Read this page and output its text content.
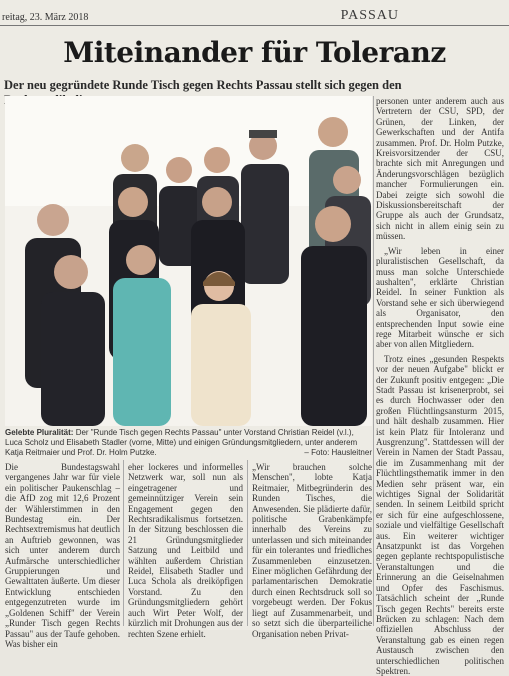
reitag, 23. März 2018	PASSAU
Miteinander für Toleranz
Der neu gegründete Runde Tisch gegen Rechts Passau stellt sich gegen den
Gelebte Pluralität: Der "Runde Tisch gegen Rechts Passau" unter Vorstand Christian Reidel (v.l.), Luca Scholz und Elisabeth Stadler (vorne, Mitte) und einigen Gründungsmitgliedern, unter anderem Katja Reitmaier und Prof. Dr. Holm Putzke.	– Foto: Hausleitner

personen unter anderem auch aus Vertretern der CSU, SPD, der Grünen, der Linken, der Gewerkschaften und der Antifa zusammen. Prof. Dr. Holm Putzke, Kreisvorsitzender der CSU, brachte sich mit Anregungen und Änderungsvorschlägen bezüglich mancher Formulierungen ein. Dabei zeigte sich sowohl die Diskussionsbereitschaft der Gruppe als auch der Grundsatz, sich nicht in allem einig sein zu müssen.

„Wir leben in einer pluralistischen Gesellschaft, da muss man solche Unterschiede aushalten", erklärte Christian Reidel. In seiner Funktion als Vorstand sehe er sich überwiegend als Organisator, den entsprechenden Input sowie eine rege Mitarbeit wünsche er sich aber von allen Mitgliedern.

Trotz eines „gesunden Respekts vor der neuen Aufgabe" blickt er der Zukunft positiv entgegen: „Die Stadt Passau ist krisenerprobt, sei es durch Hochwasser oder den großen Flüchtlingsansturm 2015, und hält deshalb zusammen. Hier ist kein Platz für Intoleranz und Ausgrenzung". Stattdessen will der Verein in Namen der Stadt Passau, die im Zusammenhang mit der Flüchtlingsthematik immer in den Medien sehr präsent war, ein wichtiges Signal der Solidarität senden. In seinem Leitbild spricht er sich für eine aufgeschlossene, soziale und vielfältige Gesellschaft aus. Ein weiterer wichtiger Ansatzpunkt ist das Vorgehen gegen geplante rechtspopulistische Veranstaltungen und die Erinnerung an die Geiselnahmen und Opfer des Faschismus. Tatsächlich scheint der „Runde Tisch gegen Rechts" bereits erste Brücken zu schlagen: Nach dem offiziellen Abschluss der Veranstaltung gab es einen regen Austausch zwischen den unterschiedlichen politischen Spektren.

Die Bundestagswahl vergangenes Jahr war für viele ein politischer Paukenschlag – die AfD zog mit 12,6 Prozent der Wählerstimmen in den Bundestag ein. Der Rechtsextremismus hat deutlich an Auftrieb gewonnen, was sich unter anderem durch Aufmärsche unterschiedlicher Gruppierungen und Gewalttaten äußerte. Um dieser Entwicklung entschieden entgegenzutreten wurde im „Goldenen Schiff" der Verein „Runder Tisch gegen Rechts Passau" aus der Taufe gehoben. Was bisher ein

eher lockeres und informelles Netzwerk war, soll nun als eingetragener und gemeinnütziger Verein sein Engagement gegen den Rechtsradikalismus fortsetzen. In der Sitzung beschlossen die 21 Gründungsmitglieder Satzung und Leitbild und wählten außerdem Christian Reidel, Elisabeth Stadler und Luca Schola als dreiköpfigen Vorstand. Zu den Gründungsmitgliedern gehört auch Wirt Peter Wolf, der kürzlich mit Drohungen aus der rechten Szene erhielt.

„Wir brauchen solche Menschen", lobte Katja Reitmaier, Mitbegründerin des Runden Tisches, die Anwesenden. Sie plädierte dafür, politische Grabenkämpfe innerhalb des Vereins zu unterlassen und sich miteinander für ein tolerantes und friedliches Zusammenleben einzusetzen. Einer möglichen Gefährdung der parlamentarischen Demokratie durch einen Rechtsdruck soll so vorgebeugt werden. Der Fokus liegt auf Zusammenarbeit, und so setzt sich die überparteiliche Organisation neben Privat-
